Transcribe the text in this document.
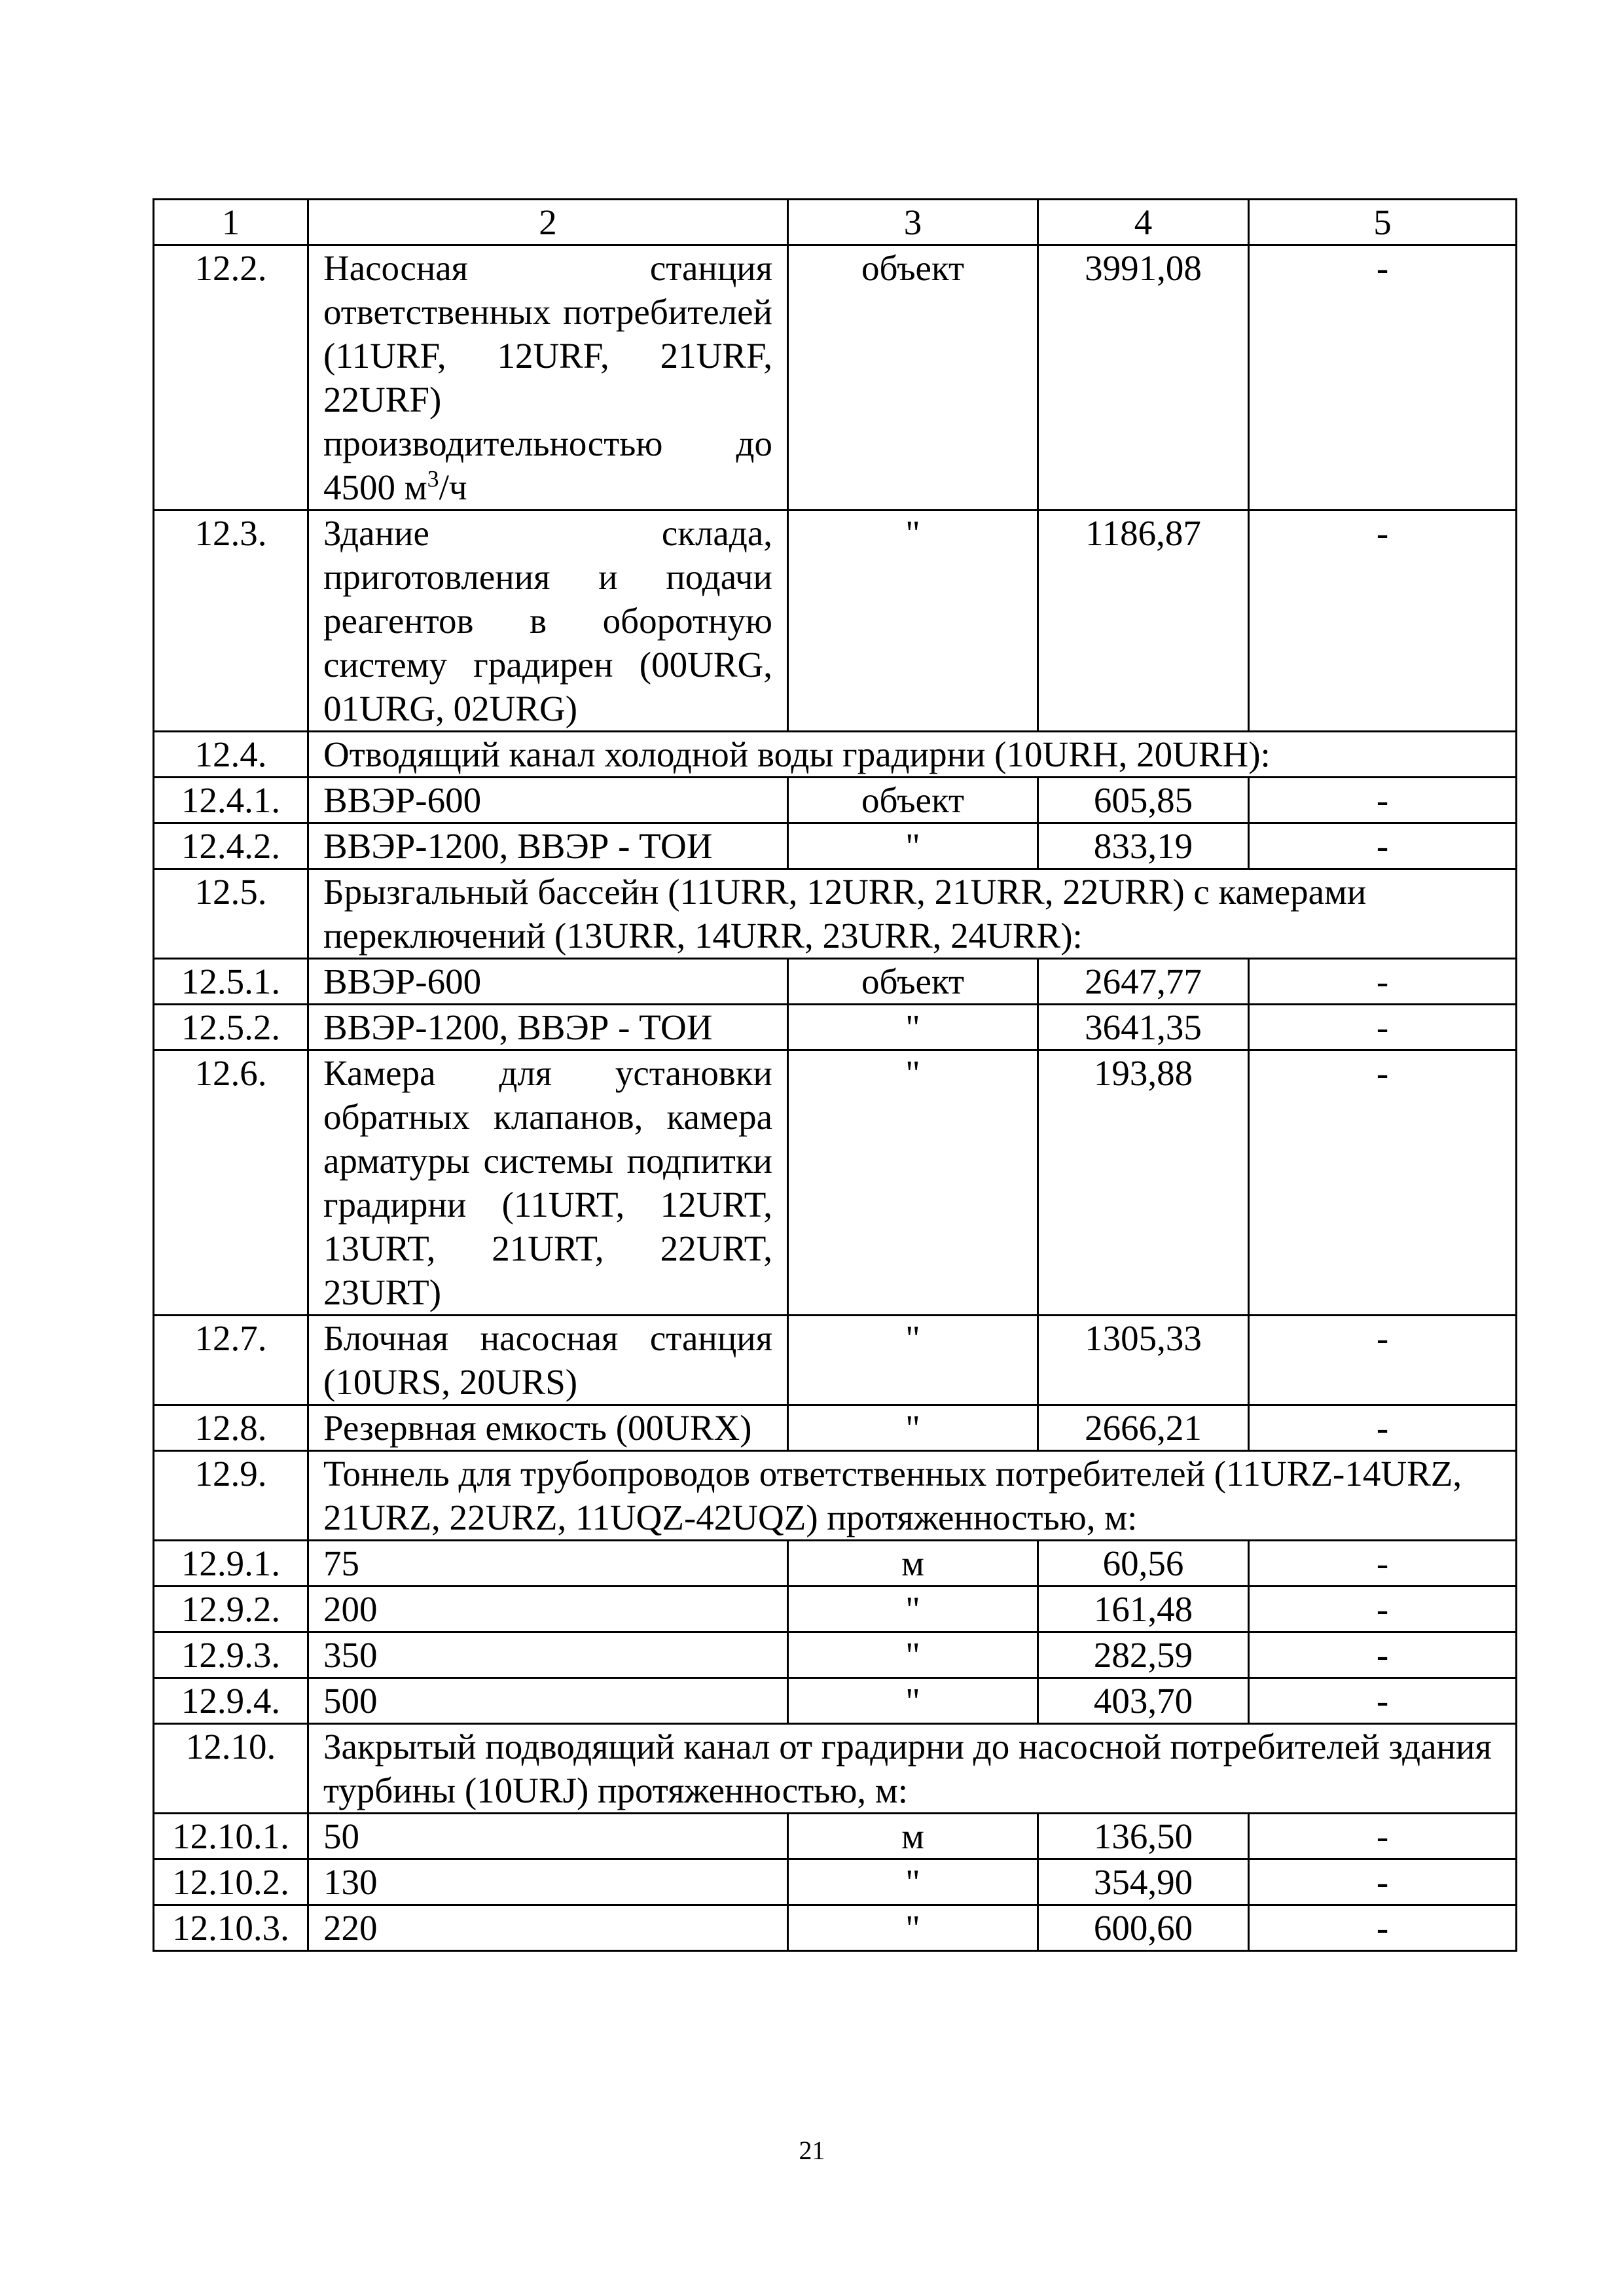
1	2	3	4	5
12.2.	Насосная станция ответственных потребителей (11URF, 12URF, 21URF, 22URF) производительностью до 4500 $м^3/ч$	объект	3991,08	-
12.3.	Здание склада, приготовления и подачи реагентов в оборотную систему градирен (00URG, 01URG, 02URG)	"	1186,87	-
12.4.	Отводящий канал холодной воды градирни (10URH, 20URH):			
12.4.1.	ВВЭР-600	объект	605,85	-
12.4.2.	ВВЭР-1200, ВВЭР - ТОИ	"	833,19	-
12.5.	Брызгальный бассейн (11URR, 12URR, 21URR, 22URR) с камерами переключений (13URR, 14URR, 23URR, 24URR):			
12.5.1.	ВВЭР-600	объект	2647,77	-
12.5.2.	ВВЭР-1200, ВВЭР - ТОИ	"	3641,35	-
12.6.	Камера для установки обратных клапанов, камера арматуры системы подпитки градирни (11URT, 12URT, 13URT, 21URT, 22URT, 23URT)	"	193,88	-
12.7.	Блочная насосная станция (10URS, 20URS)	"	1305,33	-
12.8.	Резервная емкость (00URX)	"	2666,21	-
12.9.	Тоннель для трубопроводов ответственных потребителей (11URZ-14URZ, 21URZ, 22URZ, 11UQZ-42UQZ) протяженностью, м:			
12.9.1.	75	м	60,56	-
12.9.2.	200	"	161,48	-
12.9.3.	350	"	282,59	-
12.9.4.	500	"	403,70	-
12.10.	Закрытый подводящий канал от градирни до насосной потребителей здания турбины (10URJ) протяженностью, м:			
12.10.1.	50	м	136,50	-
12.10.2.	130	"	354,90	-
12.10.3.	220	"	600,60	-
21
